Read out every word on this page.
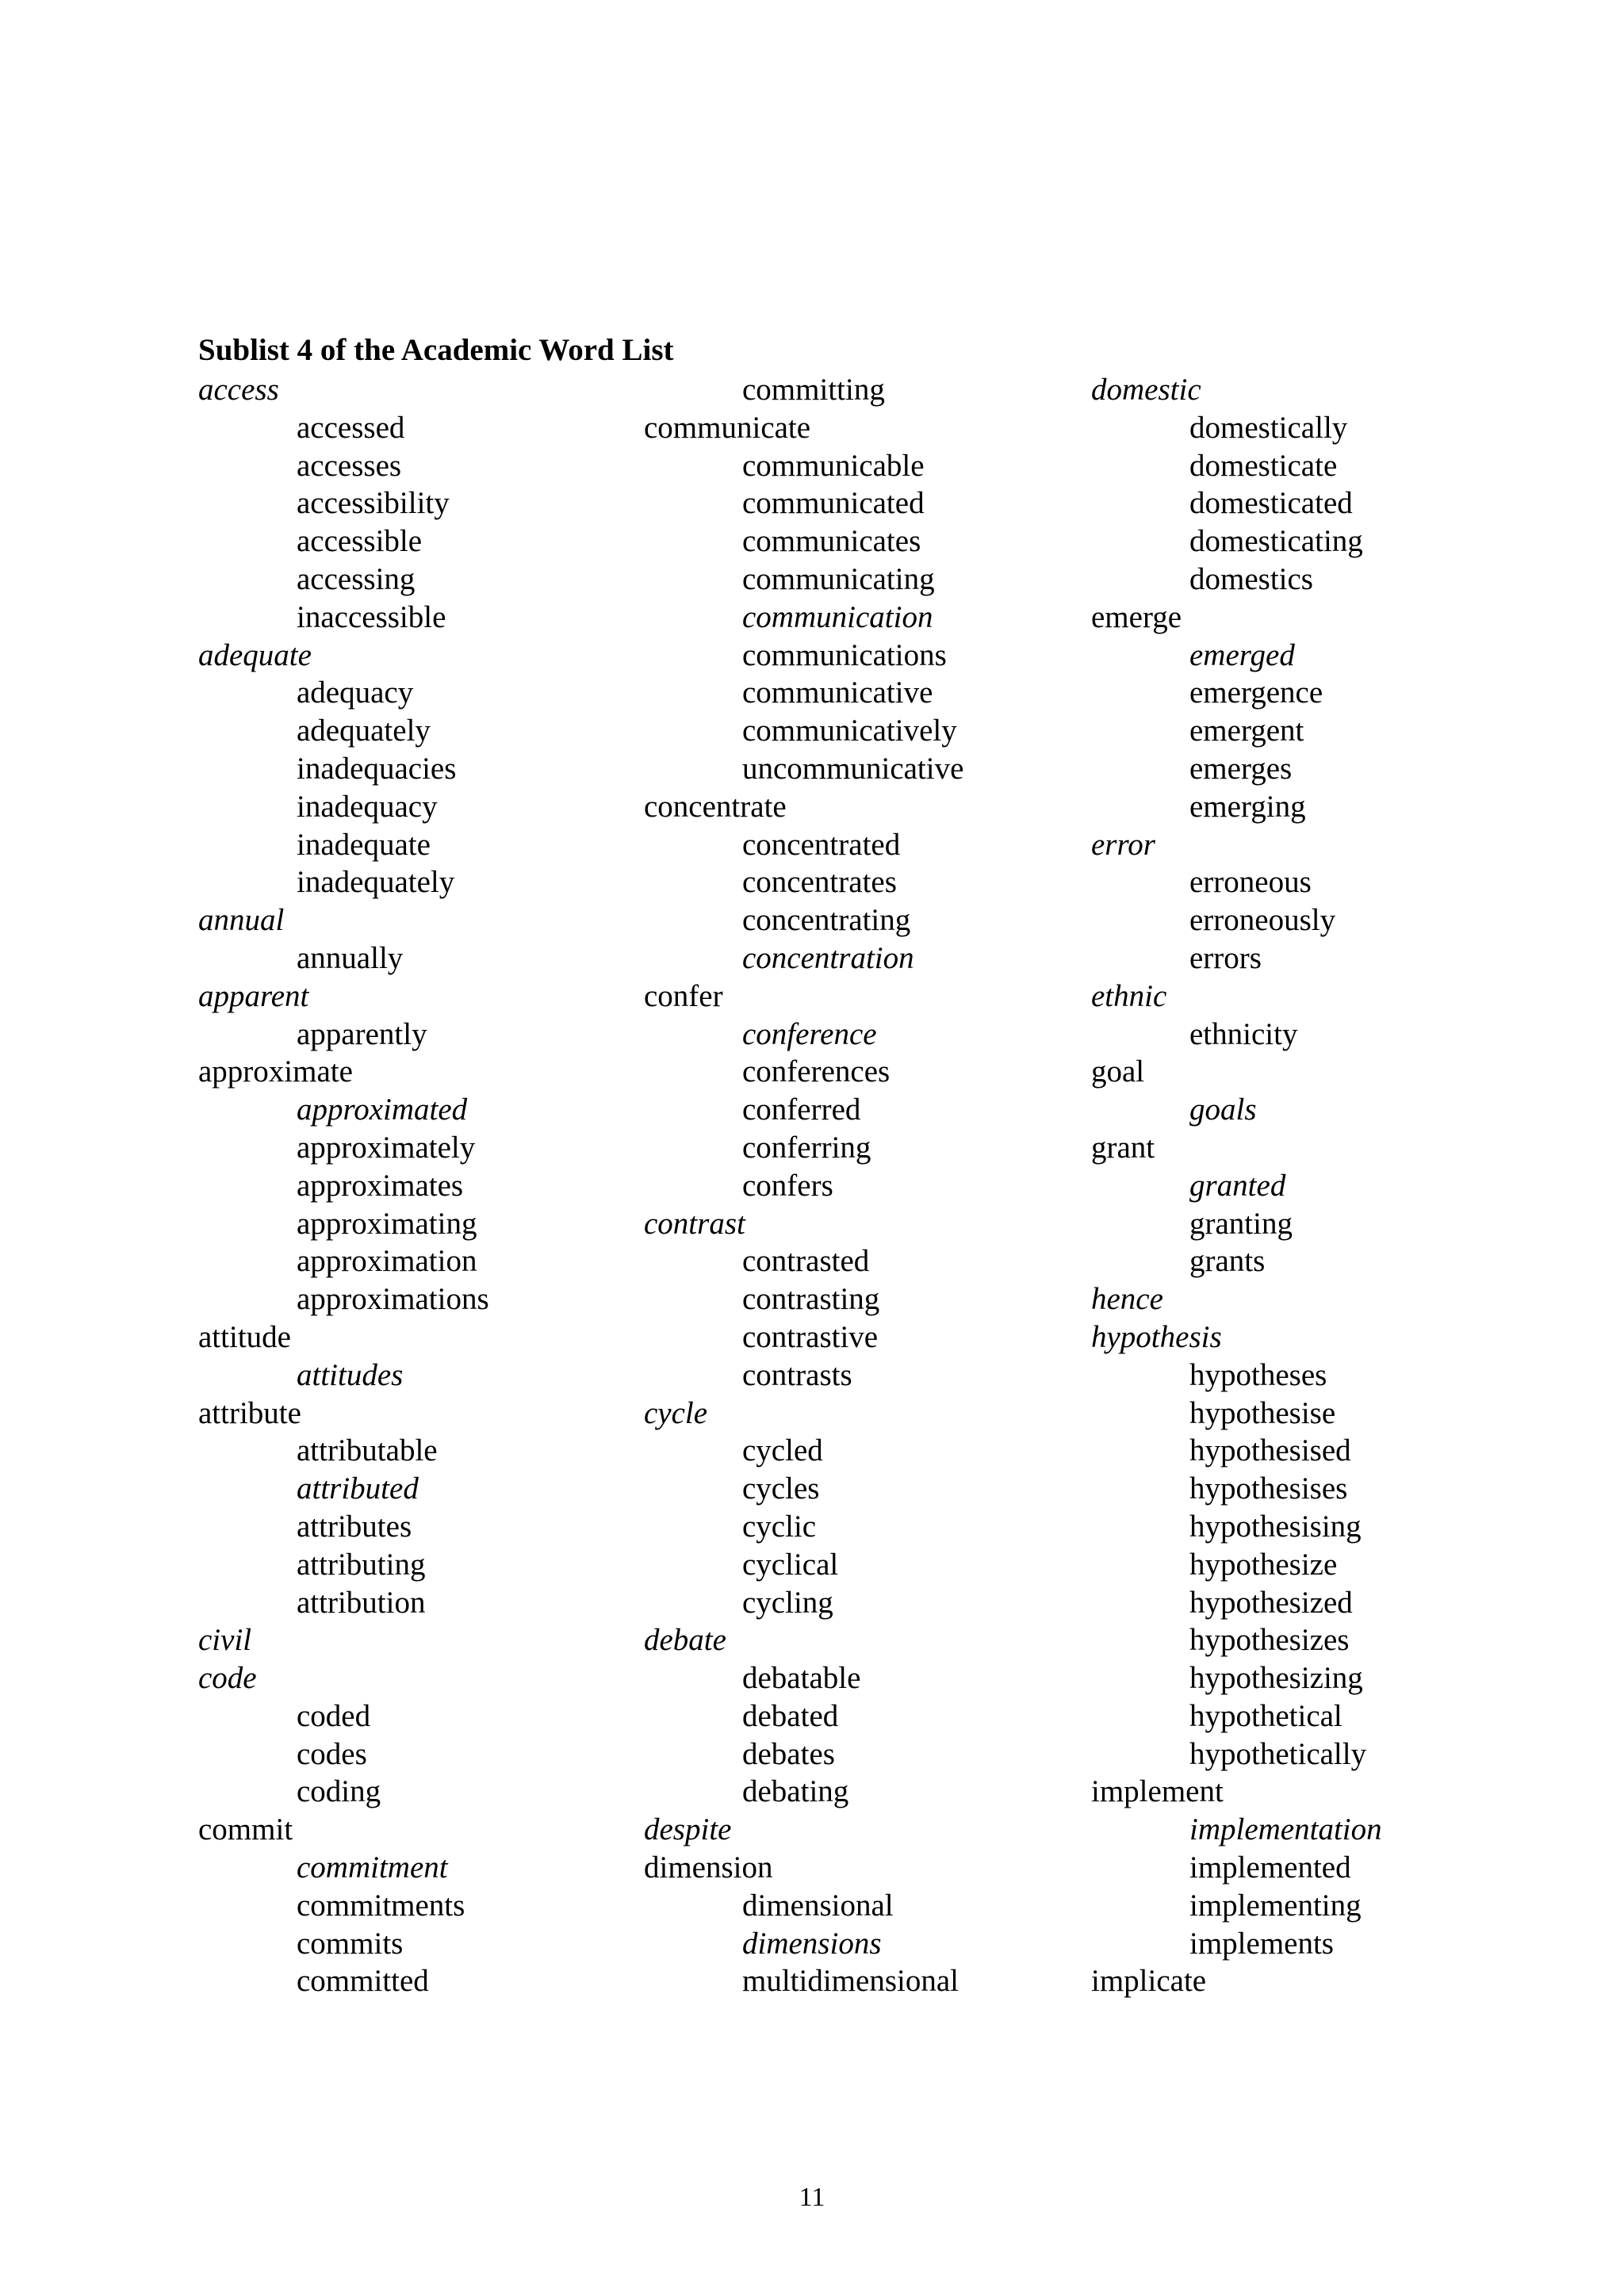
Sublist 4 of the Academic Word List
access
accessed
accesses
accessibility
accessible
accessing
inaccessible
adequate
adequacy
adequately
inadequacies
inadequacy
inadequate
inadequately
annual
annually
apparent
apparently
approximate
approximated
approximately
approximates
approximating
approximation
approximations
attitude
attitudes
attribute
attributable
attributed
attributes
attributing
attribution
civil
code
coded
codes
coding
commit
commitment
commitments
commits
committed
committing
communicate
communicable
communicated
communicates
communicating
communication
communications
communicative
communicatively
uncommunicative
concentrate
concentrated
concentrates
concentrating
concentration
confer
conference
conferences
conferred
conferring
confers
contrast
contrasted
contrasting
contrastive
contrasts
cycle
cycled
cycles
cyclic
cyclical
cycling
debate
debatable
debated
debates
debating
despite
dimension
dimensional
dimensions
multidimensional
domestic
domestically
domesticate
domesticated
domesticating
domestics
emerge
emerged
emergence
emergent
emerges
emerging
error
erroneous
erroneously
errors
ethnic
ethnicity
goal
goals
grant
granted
granting
grants
hence
hypothesis
hypotheses
hypothesise
hypothesised
hypothesises
hypothesising
hypothesize
hypothesized
hypothesizes
hypothesizing
hypothetical
hypothetically
implement
implementation
implemented
implementing
implements
implicate
11
